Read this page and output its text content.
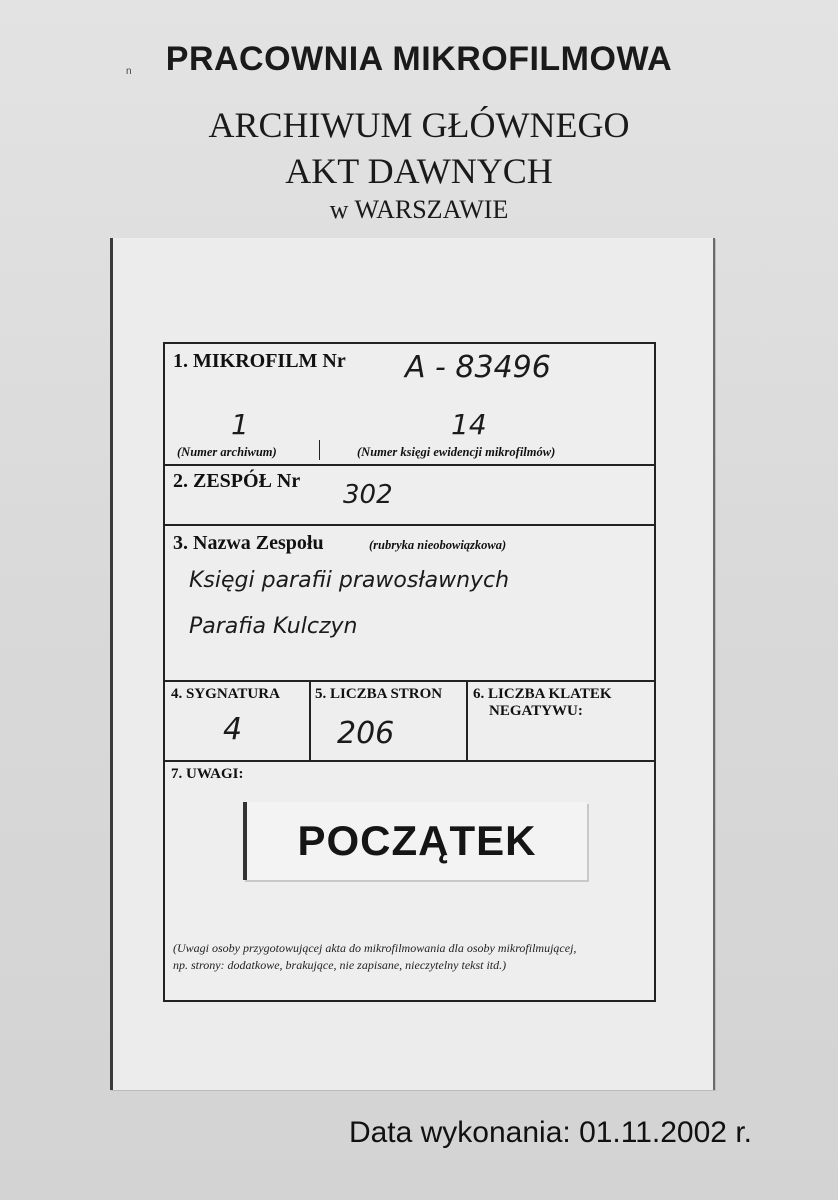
n	PRACOWNIA MIKROFILMOWA
ARCHIWUM GŁÓWNEGO
AKT DAWNYCH
w WARSZAWIE
1. MIKROFILM Nr A - 83496
1	14
(Numer archiwum)	(Numer księgi ewidencji mikrofilmów)
2. ZESPÓŁ Nr 302
3. Nazwa Zespołu	(rubryka nieobowiązkowa)
Księgi parafii prawosławnych
Parafia Kulczyn
4. SYGNATURA
4
5. LICZBA STRON
206
6. LICZBA KLATEK
NEGATYWU:
7. UWAGI:
POCZĄTEK
(Uwagi osoby przygotowującej akta do mikrofilmowania dla osoby mikrofilmującej,
np. strony: dodatkowe, brakujące, nie zapisane, nieczytelny tekst itd.)
Data wykonania: 01.11.2002 r.
